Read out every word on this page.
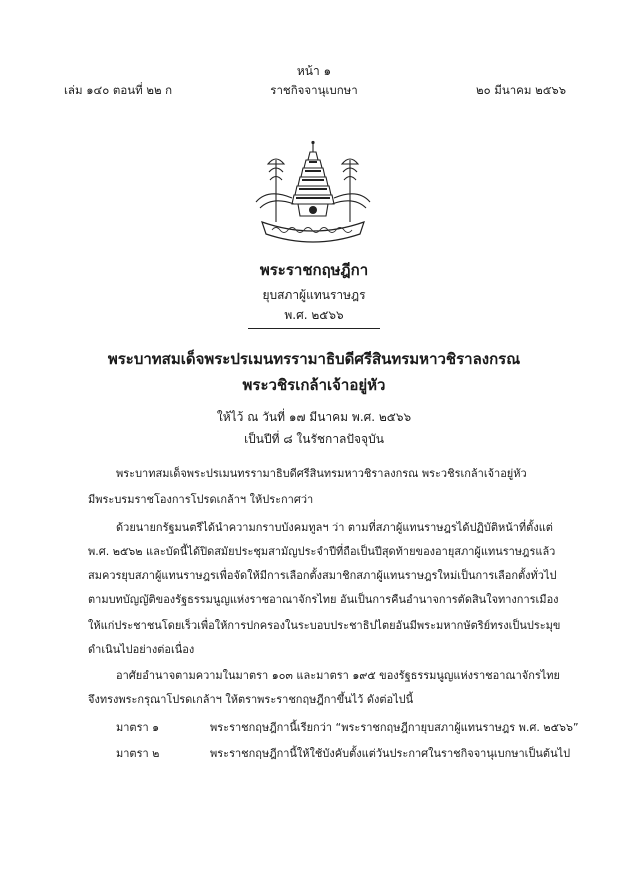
หน้า ๑
เล่ม ๑๔๐ ตอนที่ ๒๒ ก	ราชกิจจานุเบกษา	๒๐ มีนาคม ๒๕๖๖
พระราชกฤษฎีกา
ยุบสภาผู้แทนราษฎร
พ.ศ. ๒๕๖๖
พระบาทสมเด็จพระปรเมนทรรามาธิบดีศรีสินทรมหาวชิราลงกรณ
พระวชิรเกล้าเจ้าอยู่หัว
ให้ไว้ ณ วันที่ ๑๗ มีนาคม พ.ศ. ๒๕๖๖
เป็นปีที่ ๘ ในรัชกาลปัจจุบัน
พระบาทสมเด็จพระปรเมนทรรามาธิบดีศรีสินทรมหาวชิราลงกรณ พระวชิรเกล้าเจ้าอยู่หัว
มีพระบรมราชโองการโปรดเกล้าฯ ให้ประกาศว่า
ด้วยนายกรัฐมนตรีได้นำความกราบบังคมทูลฯ ว่า ตามที่สภาผู้แทนราษฎรได้ปฏิบัติหน้าที่ตั้งแต่
พ.ศ. ๒๕๖๒ และบัดนี้ได้ปิดสมัยประชุมสามัญประจำปีที่ถือเป็นปีสุดท้ายของอายุสภาผู้แทนราษฎรแล้ว
สมควรยุบสภาผู้แทนราษฎรเพื่อจัดให้มีการเลือกตั้งสมาชิกสภาผู้แทนราษฎรใหม่เป็นการเลือกตั้งทั่วไป
ตามบทบัญญัติของรัฐธรรมนูญแห่งราชอาณาจักรไทย อันเป็นการคืนอำนาจการตัดสินใจทางการเมือง
ให้แก่ประชาชนโดยเร็วเพื่อให้การปกครองในระบอบประชาธิปไตยอันมีพระมหากษัตริย์ทรงเป็นประมุข
ดำเนินไปอย่างต่อเนื่อง
อาศัยอำนาจตามความในมาตรา ๑๐๓ และมาตรา ๑๙๕ ของรัฐธรรมนูญแห่งราชอาณาจักรไทย
จึงทรงพระกรุณาโปรดเกล้าฯ ให้ตราพระราชกฤษฎีกาขึ้นไว้ ดังต่อไปนี้
มาตรา ๑	พระราชกฤษฎีกานี้เรียกว่า “พระราชกฤษฎีกายุบสภาผู้แทนราษฎร พ.ศ. ๒๕๖๖”
มาตรา ๒	พระราชกฤษฎีกานี้ให้ใช้บังคับตั้งแต่วันประกาศในราชกิจจานุเบกษาเป็นต้นไป
